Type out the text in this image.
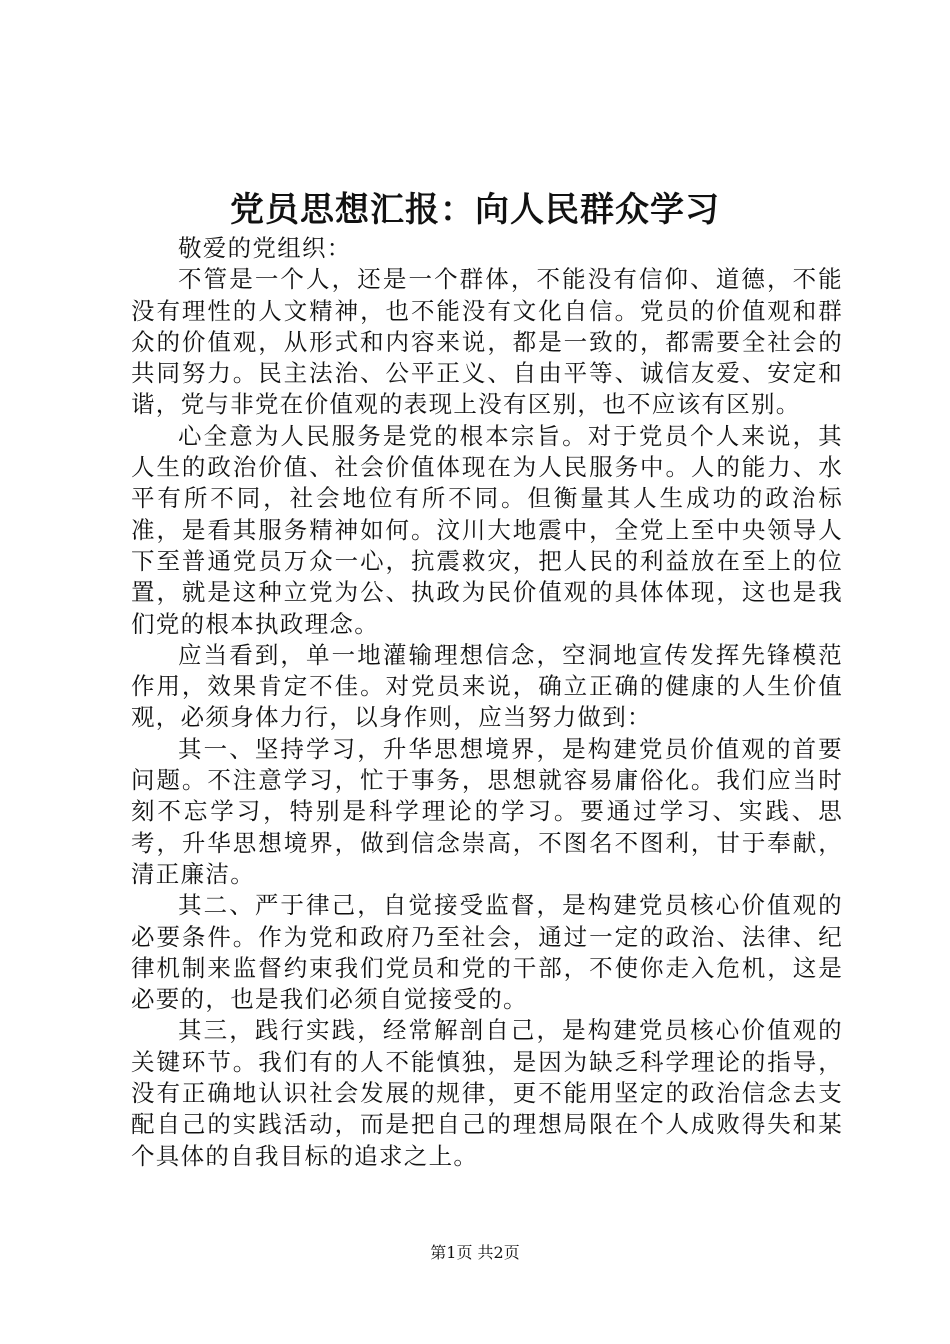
党员思想汇报：向人民群众学习

敬爱的党组织：

不管是一个人，还是一个群体，不能没有信仰、道德，不能没有理性的人文精神，也不能没有文化自信。党员的价值观和群众的价值观，从形式和内容来说，都是一致的，都需要全社会的共同努力。民主法治、公平正义、自由平等、诚信友爱、安定和谐，党与非党在价值观的表现上没有区别，也不应该有区别。

心全意为人民服务是党的根本宗旨。对于党员个人来说，其人生的政治价值、社会价值体现在为人民服务中。人的能力、水平有所不同，社会地位有所不同。但衡量其人生成功的政治标准，是看其服务精神如何。汶川大地震中，全党上至中央领导人下至普通党员万众一心，抗震救灾，把人民的利益放在至上的位置，就是这种立党为公、执政为民价值观的具体体现，这也是我们党的根本执政理念。

应当看到，单一地灌输理想信念，空洞地宣传发挥先锋模范作用，效果肯定不佳。对党员来说，确立正确的健康的人生价值观，必须身体力行，以身作则，应当努力做到：

其一、坚持学习，升华思想境界，是构建党员价值观的首要问题。不注意学习，忙于事务，思想就容易庸俗化。我们应当时刻不忘学习，特别是科学理论的学习。要通过学习、实践、思考，升华思想境界，做到信念崇高，不图名不图利，甘于奉献，清正廉洁。

其二、严于律己，自觉接受监督，是构建党员核心价值观的必要条件。作为党和政府乃至社会，通过一定的政治、法律、纪律机制来监督约束我们党员和党的干部，不使你走入危机，这是必要的，也是我们必须自觉接受的。

其三，践行实践，经常解剖自己，是构建党员核心价值观的关键环节。我们有的人不能慎独，是因为缺乏科学理论的指导，没有正确地认识社会发展的规律，更不能用坚定的政治信念去支配自己的实践活动，而是把自己的理想局限在个人成败得失和某个具体的自我目标的追求之上。

第1页 共2页
